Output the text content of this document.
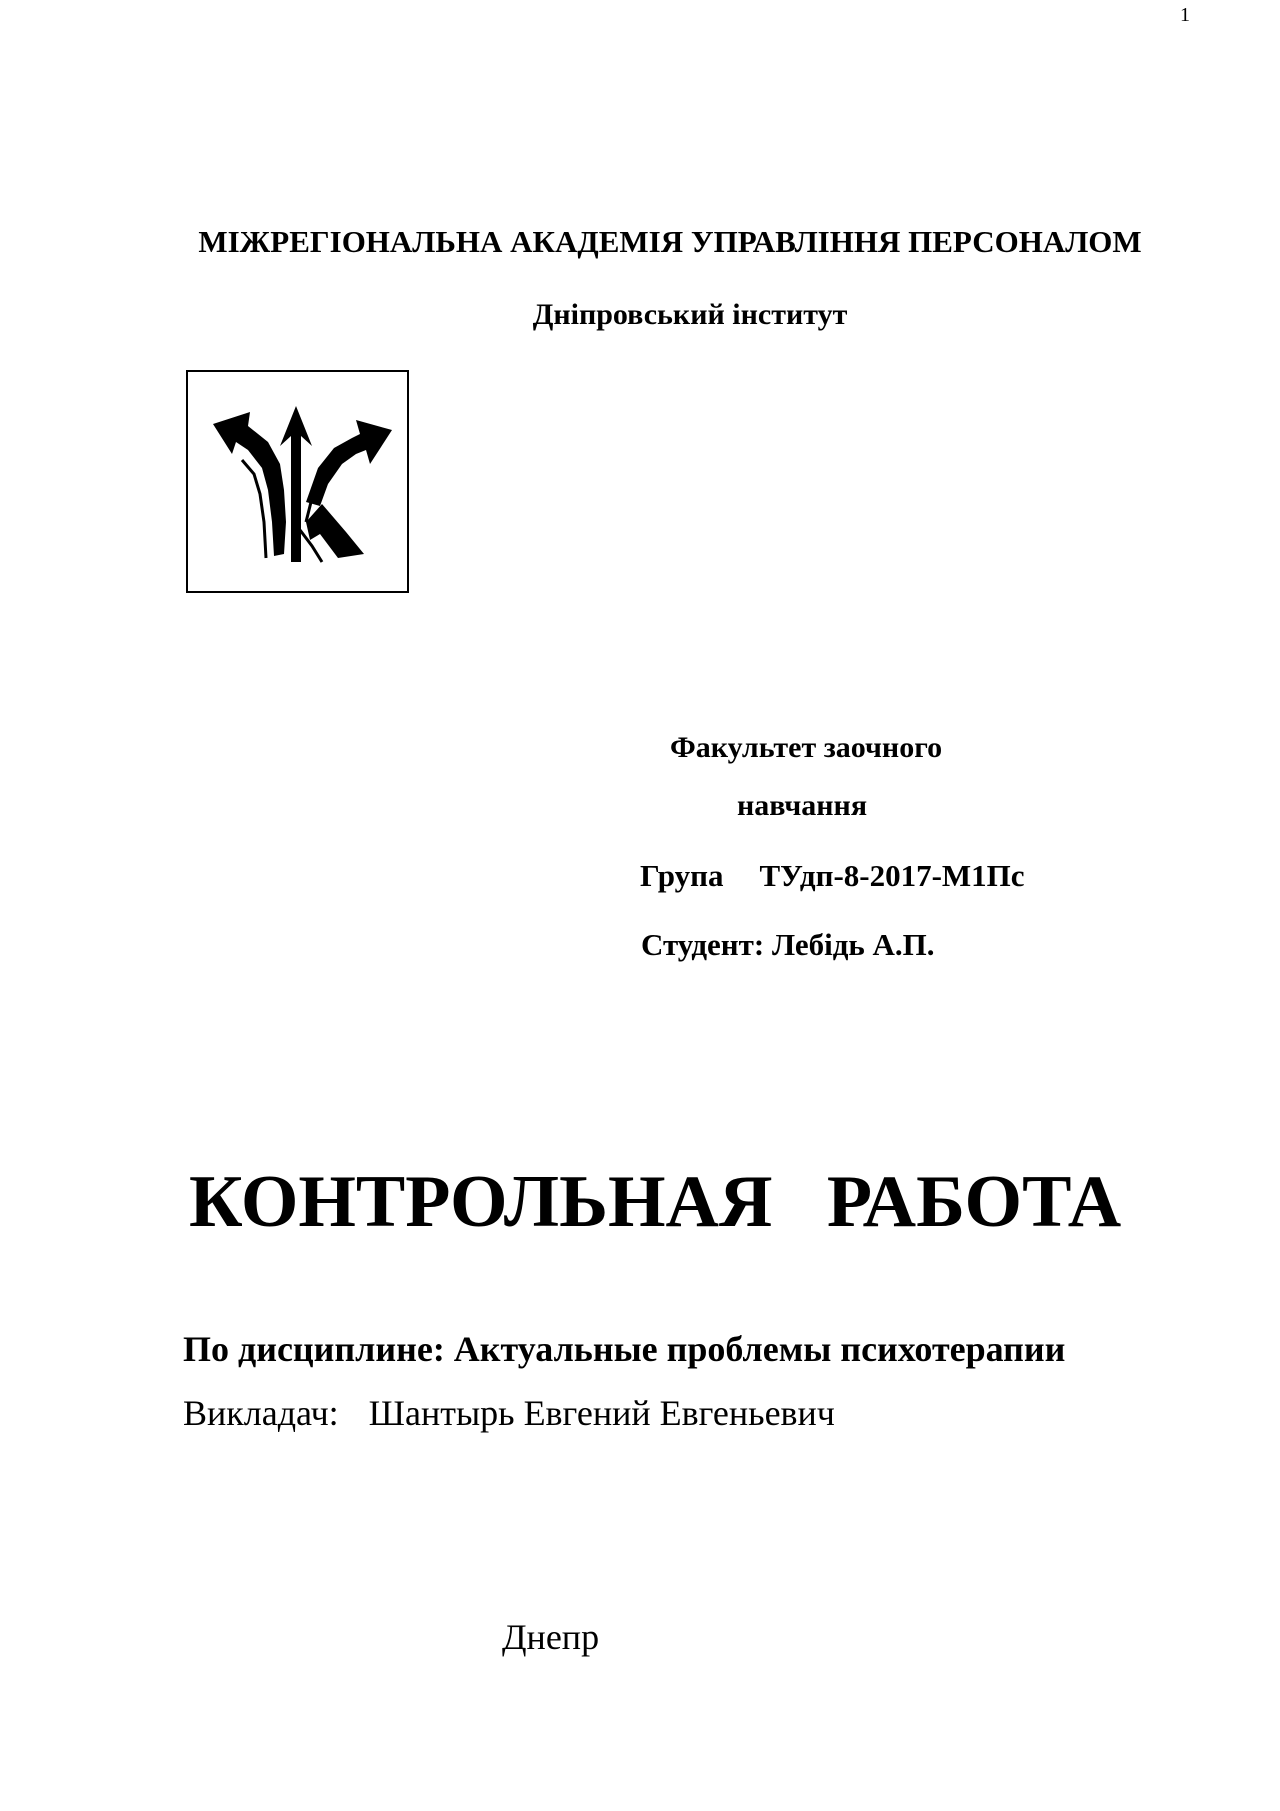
1
МІЖРЕГІОНАЛЬНА АКАДЕМІЯ УПРАВЛІННЯ ПЕРСОНАЛОМ
Дніпровський інститут
Факультет заочного
навчання
Група ТУдп-8-2017-М1Пс
Студент: Лебідь А.П.
КОНТРОЛЬНАЯ РАБОТА
По дисциплине: Актуальные проблемы психотерапии
Викладач: Шантырь Евгений Евгеньевич
Днепр
